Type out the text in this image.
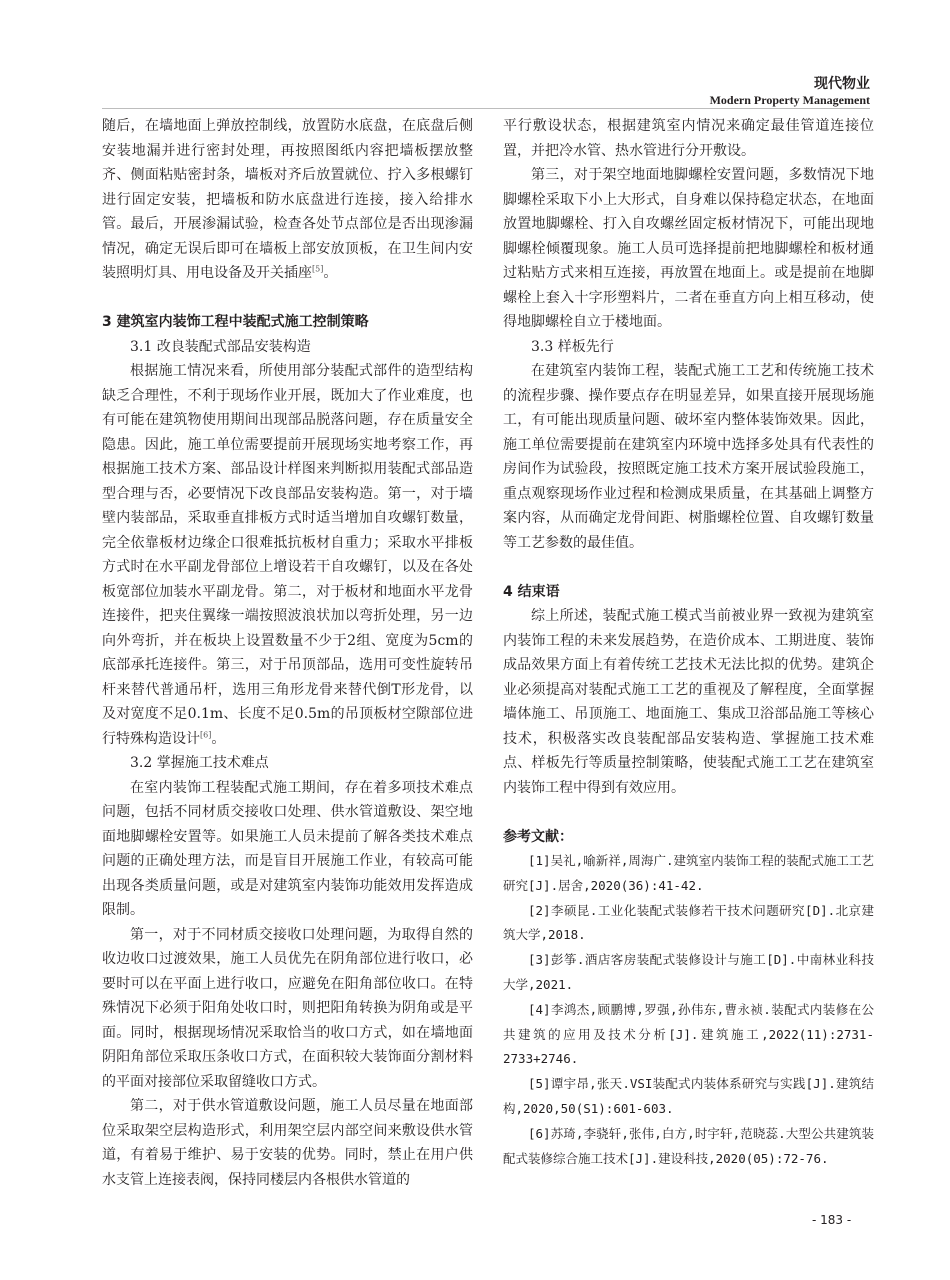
现代物业
Modern Property Management

随后，在墙地面上弹放控制线，放置防水底盘，在底盘后侧安装地漏并进行密封处理，再按照图纸内容把墙板摆放整齐、侧面粘贴密封条，墙板对齐后放置就位、拧入多根螺钉进行固定安装，把墙板和防水底盘进行连接，接入给排水管。最后，开展渗漏试验，检查各处节点部位是否出现渗漏情况，确定无误后即可在墙板上部安放顶板，在卫生间内安装照明灯具、用电设备及开关插座[5]。

3 建筑室内装饰工程中装配式施工控制策略
3.1 改良装配式部品安装构造

根据施工情况来看，所使用部分装配式部件的造型结构缺乏合理性，不利于现场作业开展，既加大了作业难度，也有可能在建筑物使用期间出现部品脱落问题，存在质量安全隐患。因此，施工单位需要提前开展现场实地考察工作，再根据施工技术方案、部品设计样图来判断拟用装配式部品造型合理与否，必要情况下改良部品安装构造。第一，对于墙壁内装部品，采取垂直排板方式时适当增加自攻螺钉数量，完全依靠板材边缘企口很难抵抗板材自重力；采取水平排板方式时在水平副龙骨部位上增设若干自攻螺钉，以及在各处板宽部位加装水平副龙骨。第二，对于板材和地面水平龙骨连接件，把夹住翼缘一端按照波浪状加以弯折处理，另一边向外弯折，并在板块上设置数量不少于2组、宽度为5cm的底部承托连接件。第三，对于吊顶部品，选用可变性旋转吊杆来替代普通吊杆，选用三角形龙骨来替代倒T形龙骨，以及对宽度不足0.1m、长度不足0.5m的吊顶板材空隙部位进行特殊构造设计[6]。

3.2 掌握施工技术难点

在室内装饰工程装配式施工期间，存在着多项技术难点问题，包括不同材质交接收口处理、供水管道敷设、架空地面地脚螺栓安置等。如果施工人员未提前了解各类技术难点问题的正确处理方法，而是盲目开展施工作业，有较高可能出现各类质量问题，或是对建筑室内装饰功能效用发挥造成限制。

第一，对于不同材质交接收口处理问题，为取得自然的收边收口过渡效果，施工人员优先在阴角部位进行收口，必要时可以在平面上进行收口，应避免在阳角部位收口。在特殊情况下必须于阳角处收口时，则把阳角转换为阴角或是平面。同时，根据现场情况采取恰当的收口方式，如在墙地面阴阳角部位采取压条收口方式，在面积较大装饰面分割材料的平面对接部位采取留缝收口方式。

第二，对于供水管道敷设问题，施工人员尽量在地面部位采取架空层构造形式，利用架空层内部空间来敷设供水管道，有着易于维护、易于安装的优势。同时，禁止在用户供水支管上连接表阀，保持同楼层内各根供水管道的

平行敷设状态，根据建筑室内情况来确定最佳管道连接位置，并把冷水管、热水管进行分开敷设。

第三，对于架空地面地脚螺栓安置问题，多数情况下地脚螺栓采取下小上大形式，自身难以保持稳定状态，在地面放置地脚螺栓、打入自攻螺丝固定板材情况下，可能出现地脚螺栓倾覆现象。施工人员可选择提前把地脚螺栓和板材通过粘贴方式来相互连接，再放置在地面上。或是提前在地脚螺栓上套入十字形塑料片，二者在垂直方向上相互移动，使得地脚螺栓自立于楼地面。

3.3 样板先行

在建筑室内装饰工程，装配式施工工艺和传统施工技术的流程步骤、操作要点存在明显差异，如果直接开展现场施工，有可能出现质量问题、破坏室内整体装饰效果。因此，施工单位需要提前在建筑室内环境中选择多处具有代表性的房间作为试验段，按照既定施工技术方案开展试验段施工，重点观察现场作业过程和检测成果质量，在其基础上调整方案内容，从而确定龙骨间距、树脂螺栓位置、自攻螺钉数量等工艺参数的最佳值。

4 结束语

综上所述，装配式施工模式当前被业界一致视为建筑室内装饰工程的未来发展趋势，在造价成本、工期进度、装饰成品效果方面上有着传统工艺技术无法比拟的优势。建筑企业必须提高对装配式施工工艺的重视及了解程度，全面掌握墙体施工、吊顶施工、地面施工、集成卫浴部品施工等核心技术，积极落实改良装配部品安装构造、掌握施工技术难点、样板先行等质量控制策略，使装配式施工工艺在建筑室内装饰工程中得到有效应用。

参考文献：

[1]吴礼,喻新祥,周海广.建筑室内装饰工程的装配式施工工艺研究[J].居舍,2020(36):41-42.

[2]李硕昆.工业化装配式装修若干技术问题研究[D].北京建筑大学,2018.

[3]彭筝.酒店客房装配式装修设计与施工[D].中南林业科技大学,2021.

[4]李鸿杰,顾鹏博,罗强,孙伟东,曹永祯.装配式内装修在公共建筑的应用及技术分析[J].建筑施工,2022(11):2731-2733+2746.

[5]谭宇昂,张天.VSI装配式内装体系研究与实践[J].建筑结构,2020,50(S1):601-603.

[6]苏琦,李骁轩,张伟,白方,时宇轩,范晓蕊.大型公共建筑装配式装修综合施工技术[J].建设科技,2020(05):72-76.

- 183 -
